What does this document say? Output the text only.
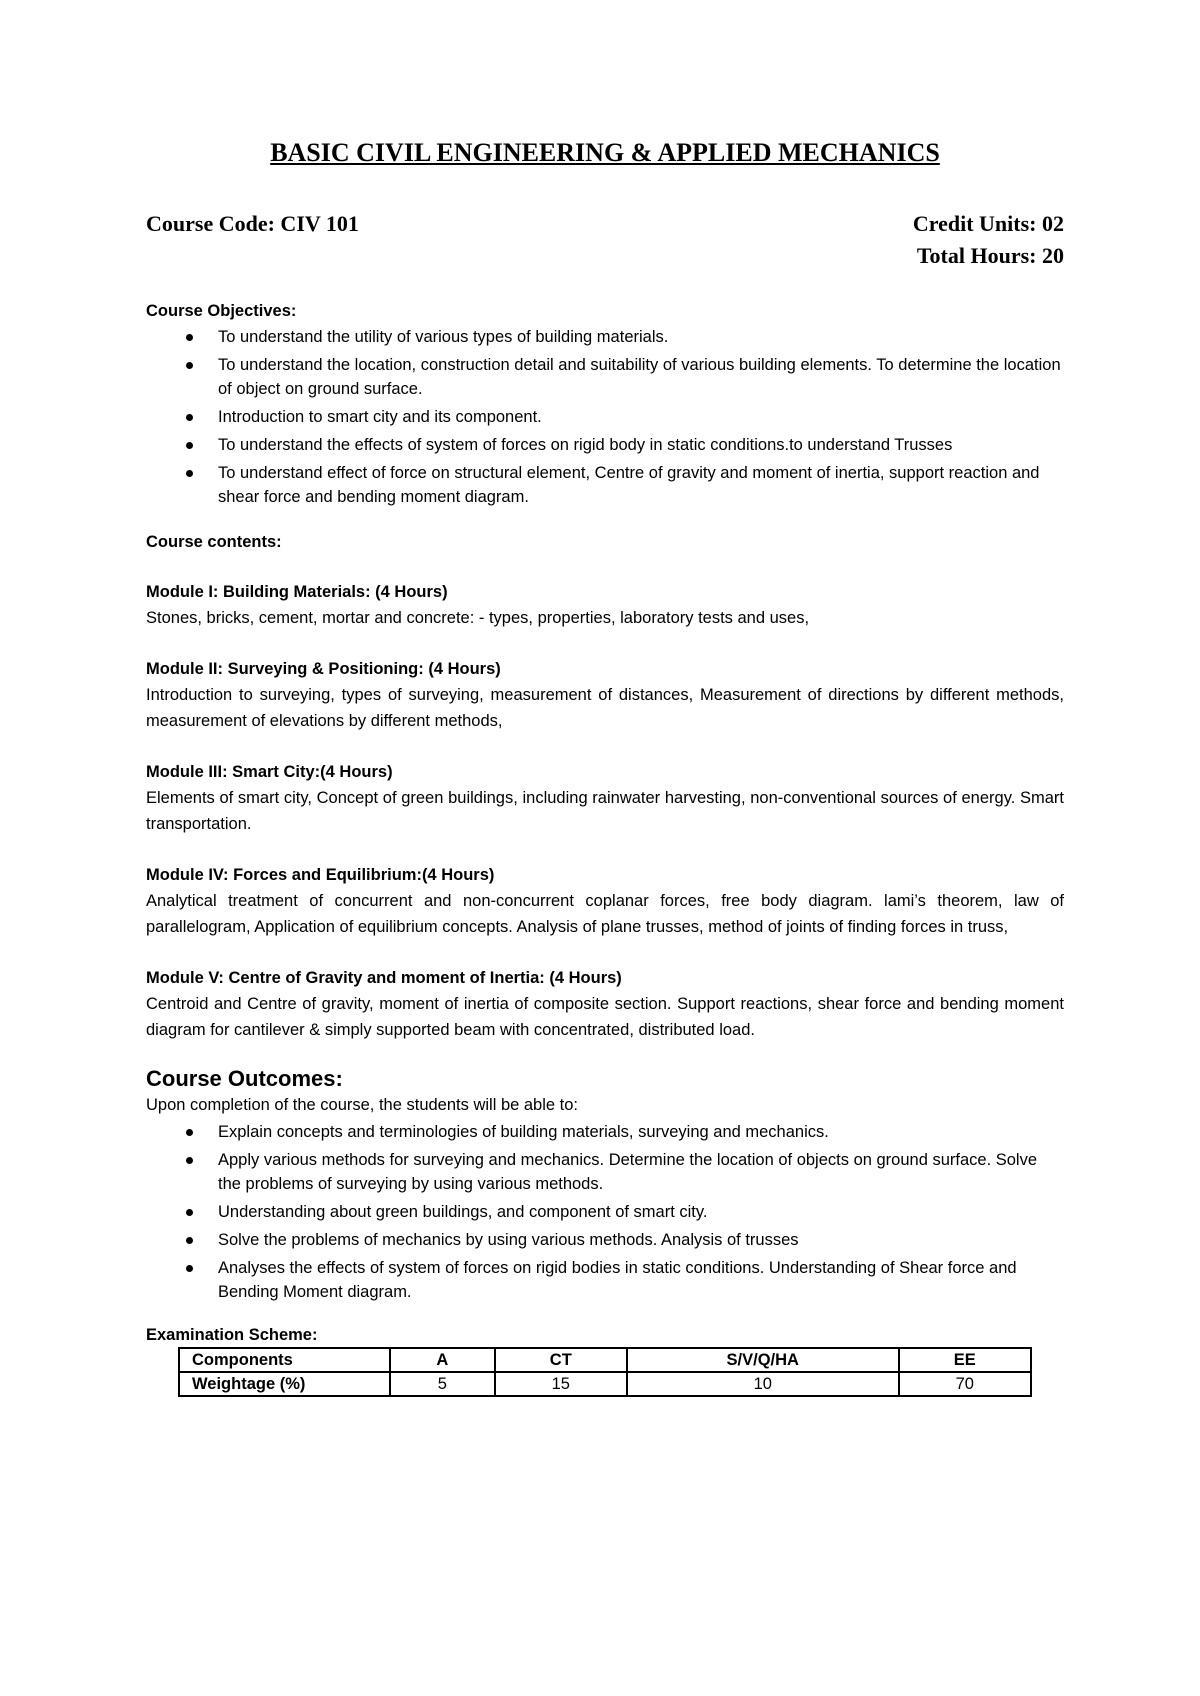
BASIC CIVIL ENGINEERING & APPLIED MECHANICS
Course Code: CIV 101	Credit Units: 02
Total Hours: 20
Course Objectives:
To understand the utility of various types of building materials.
To understand the location, construction detail and suitability of various building elements. To determine the location of object on ground surface.
Introduction to smart city and its component.
To understand the effects of system of forces on rigid body in static conditions.to understand Trusses
To understand effect of force on structural element, Centre of gravity and moment of inertia, support reaction and shear force and bending moment diagram.
Course contents:
Module I: Building Materials: (4 Hours)
Stones, bricks, cement, mortar and concrete: - types, properties, laboratory tests and uses,
Module II: Surveying & Positioning: (4 Hours)
Introduction to surveying, types of surveying, measurement of distances, Measurement of directions by different methods, measurement of elevations by different methods,
Module III: Smart City:(4 Hours)
Elements of smart city, Concept of green buildings, including rainwater harvesting, non-conventional sources of energy. Smart transportation.
Module IV: Forces and Equilibrium:(4 Hours)
Analytical treatment of concurrent and non-concurrent coplanar forces, free body diagram. lami’s theorem, law of parallelogram, Application of equilibrium concepts. Analysis of plane trusses, method of joints of finding forces in truss,
Module V: Centre of Gravity and moment of Inertia: (4 Hours)
Centroid and Centre of gravity, moment of inertia of composite section. Support reactions, shear force and bending moment diagram for cantilever & simply supported beam with concentrated, distributed load.
Course Outcomes:
Upon completion of the course, the students will be able to:
Explain concepts and terminologies of building materials, surveying and mechanics.
Apply various methods for surveying and mechanics. Determine the location of objects on ground surface. Solve the problems of surveying by using various methods.
Understanding about green buildings, and component of smart city.
Solve the problems of mechanics by using various methods. Analysis of trusses
Analyses the effects of system of forces on rigid bodies in static conditions. Understanding of Shear force and Bending Moment diagram.
Examination Scheme:
Components	A	CT	S/V/Q/HA	EE
Weightage (%)	5	15	10	70
